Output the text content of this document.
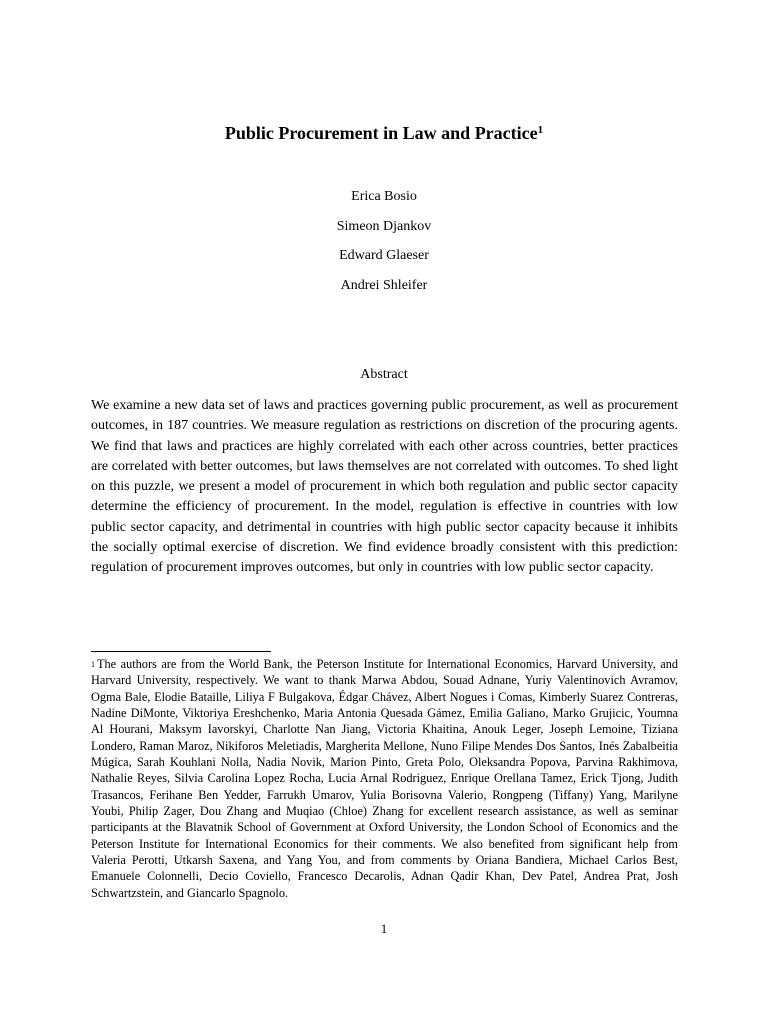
Public Procurement in Law and Practice$^1$
Erica Bosio
Simeon Djankov
Edward Glaeser
Andrei Shleifer
Abstract

We examine a new data set of laws and practices governing public procurement, as well as procurement outcomes, in 187 countries. We measure regulation as restrictions on discretion of the procuring agents. We find that laws and practices are highly correlated with each other across countries, better practices are correlated with better outcomes, but laws themselves are not correlated with outcomes. To shed light on this puzzle, we present a model of procurement in which both regulation and public sector capacity determine the efficiency of procurement. In the model, regulation is effective in countries with low public sector capacity, and detrimental in countries with high public sector capacity because it inhibits the socially optimal exercise of discretion. We find evidence broadly consistent with this prediction: regulation of procurement improves outcomes, but only in countries with low public sector capacity.

$^1$ The authors are from the World Bank, the Peterson Institute for International Economics, Harvard University, and Harvard University, respectively. We want to thank Marwa Abdou, Souad Adnane, Yuriy Valentinovich Avramov, Ogma Bale, Elodie Bataille, Liliya F Bulgakova, Édgar Chávez, Albert Nogues i Comas, Kimberly Suarez Contreras, Nadine DiMonte, Viktoriya Ereshchenko, Maria Antonia Quesada Gámez, Emilia Galiano, Marko Grujicic, Youmna Al Hourani, Maksym Iavorskyi, Charlotte Nan Jiang, Victoria Khaitina, Anouk Leger, Joseph Lemoine, Tiziana Londero, Raman Maroz, Nikiforos Meletiadis, Margherita Mellone, Nuno Filipe Mendes Dos Santos, Inés Zabalbeitia Múgica, Sarah Kouhlani Nolla, Nadia Novik, Marion Pinto, Greta Polo, Oleksandra Popova, Parvina Rakhimova, Nathalie Reyes, Silvia Carolina Lopez Rocha, Lucia Arnal Rodriguez, Enrique Orellana Tamez, Erick Tjong, Judith Trasancos, Ferihane Ben Yedder, Farrukh Umarov, Yulia Borisovna Valerio, Rongpeng (Tiffany) Yang, Marilyne Youbi, Philip Zager, Dou Zhang and Muqiao (Chloe) Zhang for excellent research assistance, as well as seminar participants at the Blavatnik School of Government at Oxford University, the London School of Economics and the Peterson Institute for International Economics for their comments. We also benefited from significant help from Valeria Perotti, Utkarsh Saxena, and Yang You, and from comments by Oriana Bandiera, Michael Carlos Best, Emanuele Colonnelli, Decio Coviello, Francesco Decarolis, Adnan Qadir Khan, Dev Patel, Andrea Prat, Josh Schwartzstein, and Giancarlo Spagnolo.

1
